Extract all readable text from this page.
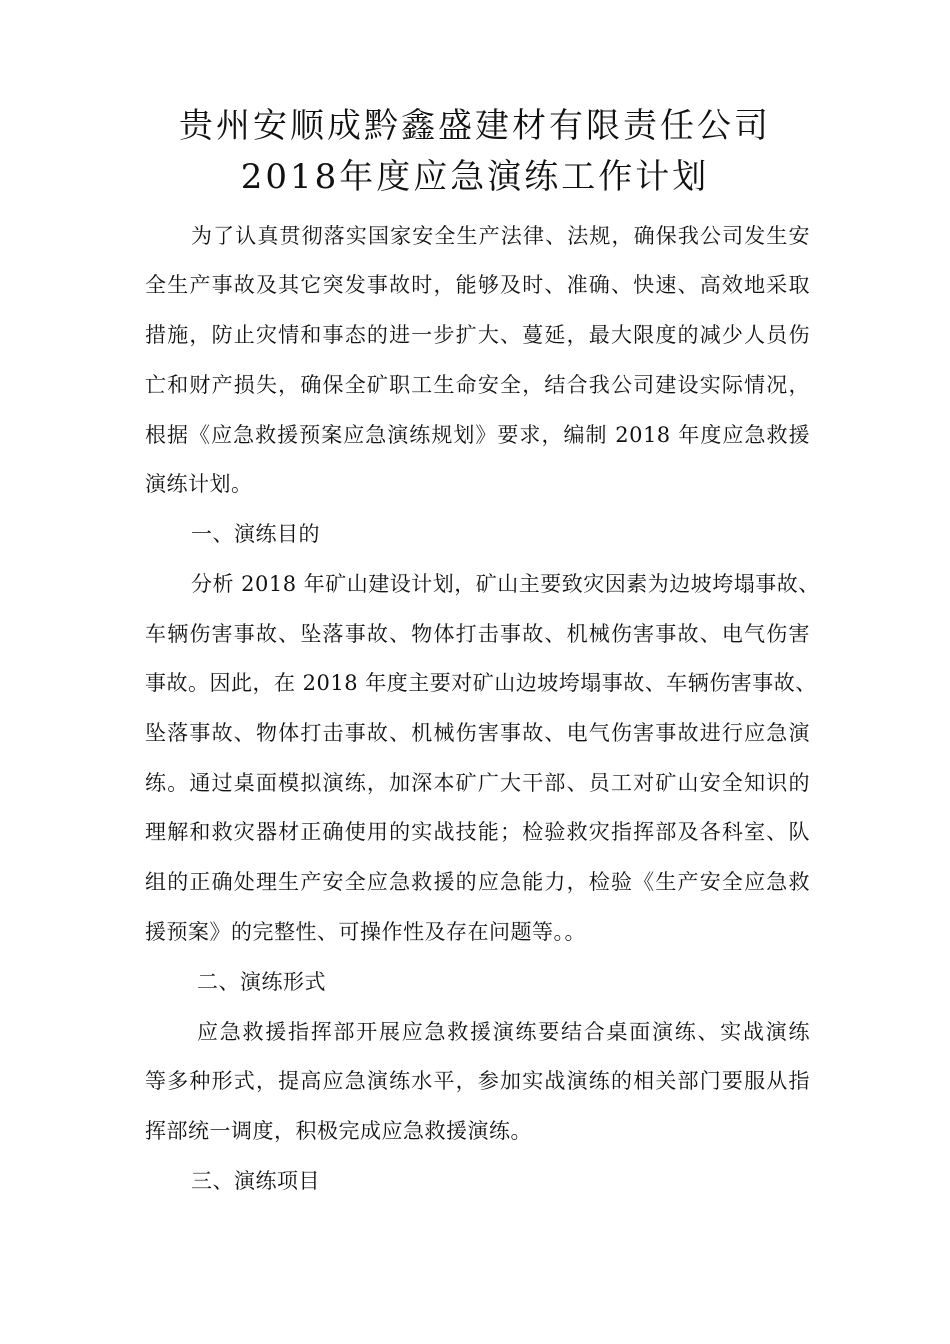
贵州安顺成黔鑫盛建材有限责任公司
2018年度应急演练工作计划

为了认真贯彻落实国家安全生产法律、法规，确保我公司发生安

全生产事故及其它突发事故时，能够及时、准确、快速、高效地采取

措施，防止灾情和事态的进一步扩大、蔓延，最大限度的减少人员伤

亡和财产损失，确保全矿职工生命安全，结合我公司建设实际情况，

根据《应急救援预案应急演练规划》要求，编制 2018 年度应急救援

演练计划。

一、演练目的

分析 2018 年矿山建设计划，矿山主要致灾因素为边坡垮塌事故、

车辆伤害事故、坠落事故、物体打击事故、机械伤害事故、电气伤害

事故。因此，在 2018 年度主要对矿山边坡垮塌事故、车辆伤害事故、

坠落事故、物体打击事故、机械伤害事故、电气伤害事故进行应急演

练。通过桌面模拟演练，加深本矿广大干部、员工对矿山安全知识的

理解和救灾器材正确使用的实战技能；检验救灾指挥部及各科室、队

组的正确处理生产安全应急救援的应急能力，检验《生产安全应急救

援预案》的完整性、可操作性及存在问题等。。

二、演练形式

应急救援指挥部开展应急救援演练要结合桌面演练、实战演练

等多种形式，提高应急演练水平，参加实战演练的相关部门要服从指

挥部统一调度，积极完成应急救援演练。

三、演练项目
